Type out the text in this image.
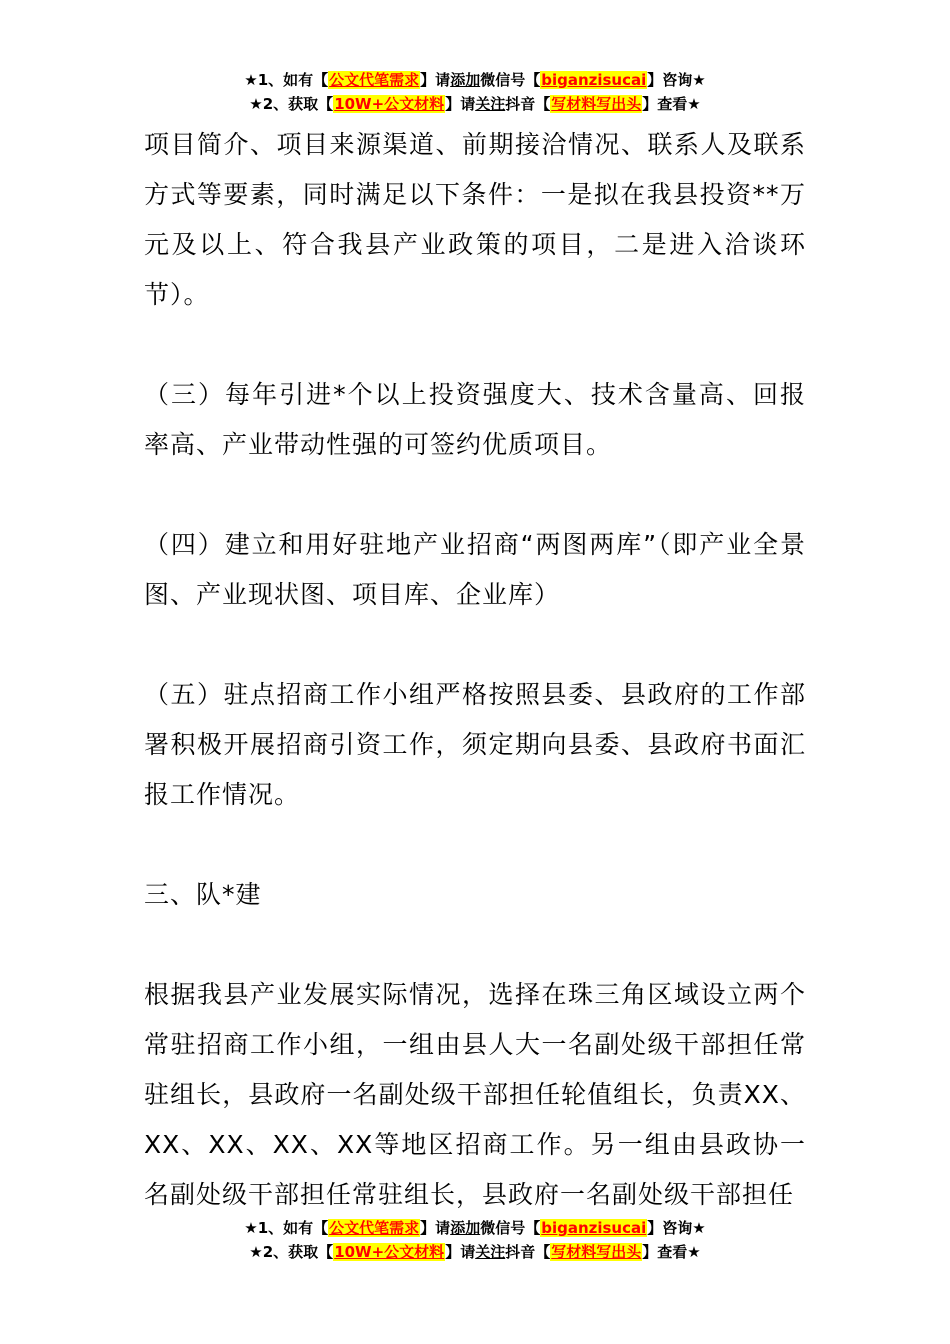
★1、如有【公文代笔需求】请添加微信号【biganzisucai】咨询★
★2、获取【10W+公文材料】请关注抖音【写材料写出头】查看★

项目简介、项目来源渠道、前期接洽情况、联系人及联系方式等要素，同时满足以下条件：一是拟在我县投资**万元及以上、符合我县产业政策的项目，二是进入洽谈环节）。

（三）每年引进*个以上投资强度大、技术含量高、回报率高、产业带动性强的可签约优质项目。

（四）建立和用好驻地产业招商“两图两库”（即产业全景图、产业现状图、项目库、企业库）

（五）驻点招商工作小组严格按照县委、县政府的工作部署积极开展招商引资工作，须定期向县委、县政府书面汇报工作情况。

三、队*建

根据我县产业发展实际情况，选择在珠三角区域设立两个常驻招商工作小组，一组由县人大一名副处级干部担任常驻组长，县政府一名副处级干部担任轮值组长，负责XX、XX、XX、XX、XX等地区招商工作。另一组由县政协一名副处级干部担任常驻组长，县政府一名副处级干部担任

★1、如有【公文代笔需求】请添加微信号【biganzisucai】咨询★
★2、获取【10W+公文材料】请关注抖音【写材料写出头】查看★
